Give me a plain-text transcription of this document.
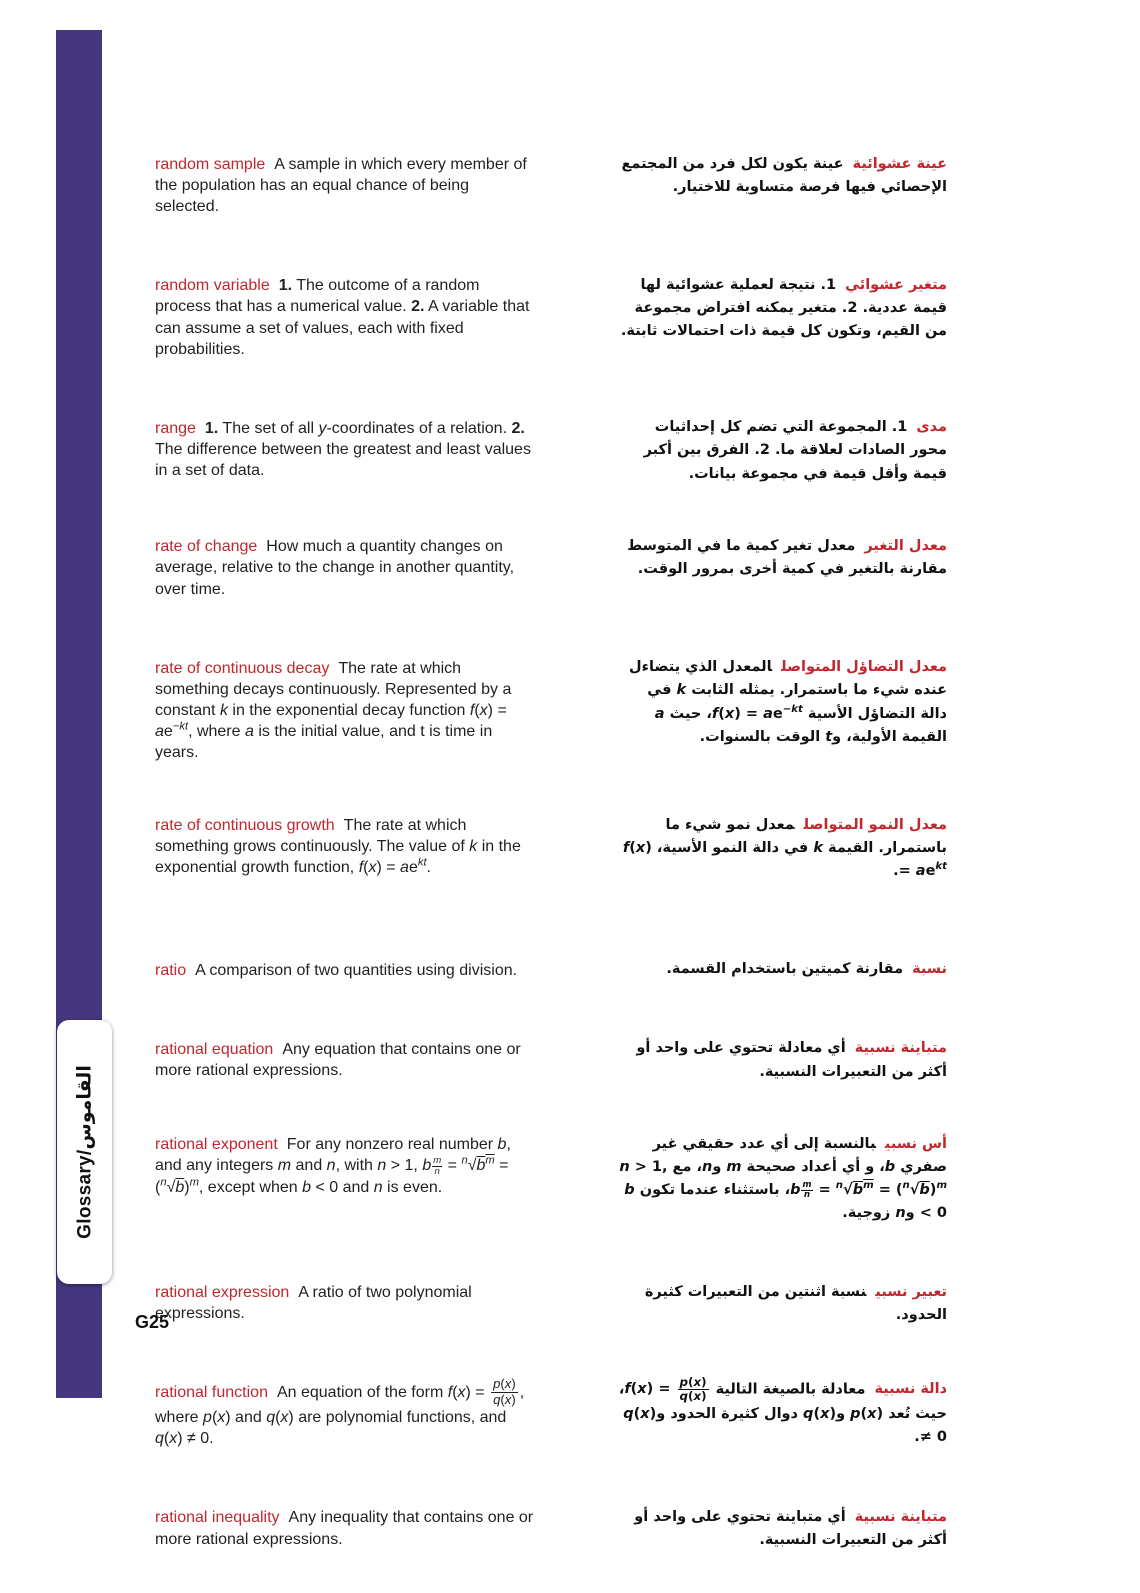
Glossary/القاموس

random sample A sample in which every member of the population has an equal chance of being selected.

عينة عشوائيةعينة يكون لكل فرد من المجتمع الإحصائي فيها فرصة متساوية للاختيار.

random variable 1. The outcome of a random process that has a numerical value. 2. A variable that can assume a set of values, each with fixed probabilities.

متغير عشوائي1. نتيجة لعملية عشوائية لها قيمة عددية. 2. متغير يمكنه افتراض مجموعة من القيم، وتكون كل قيمة ذات احتمالات ثابتة.

range 1. The set of all y-coordinates of a relation. 2. The difference between the greatest and least values in a set of data.

مدى1. المجموعة التي تضم كل إحداثيات محور الصادات لعلاقة ما. 2. الفرق بين أكبر قيمة وأقل قيمة في مجموعة بيانات.

rate of change How much a quantity changes on average, relative to the change in another quantity, over time.

معدل التغيرمعدل تغير كمية ما في المتوسط مقارنة بالتغير في كمية أخرى بمرور الوقت.

rate of continuous decay The rate at which something decays continuously. Represented by a constant k in the exponential decay function $f(x) = ae^{-kt}$, where a is the initial value, and t is time in years.

معدل التضاؤل المتواصلالمعدل الذي يتضاءل عنده شيء ما باستمرار. يمثله الثابت k في دالة التضاؤل الأسية $f(x) = ae^{-kt}،$ حيث a القيمة الأولية، وt الوقت بالسنوات.

rate of continuous growth The rate at which something grows continuously. The value of k in the exponential growth function, $f(x) = ae^{kt}$.

معدل النمو المتواصلمعدل نمو شيء ما باستمرار. القيمة k في دالة النمو الأسية، $f(x) = ae^{kt}$.

ratio A comparison of two quantities using division.	نسبةمقارنة كميتين باستخدام القسمة.

rational equation Any equation that contains one or more rational expressions.

متباينة نسبيةأي معادلة تحتوي على واحد أو أكثر من التعبيرات النسبية.

rational exponent For any nonzero real number b, and any integers m and n, with n > 1, b $\frac{m}{n} = ^n√b^m = (^n√b)^m$, except when b < 0 and n is even.

أس نسبيبالنسبة إلى أي عدد حقيقي غير صفري b، و أي أعداد صحيحة m وn، مع n > 1, b $\frac{m}{n} = ^n√b^m$ = $(^n√b)^m،$ باستثناء عندما تكون b < 0 وn زوجية.

rational expression A ratio of two polynomial expressions.

تعبير نسبينسبة اثنتين من التعبيرات كثيرة الحدود.

rational function An equation of the form $f(x) = \frac{p(x)}{q(x)}$ , where p(x) and q(x) are polynomial functions, and q(x) ≠ 0.

دالة نسبيةمعادلة بالصيغة التالية $f(x) = \frac{p(x)}{q(x)}$
، حيث تُعد p(x) وq(x) دوال كثيرة الحدود وq(x) ≠ 0.

rational inequality Any inequality that contains one or more rational expressions.

متباينة نسبيةأي متباينة تحتوي على واحد أو أكثر من التعبيرات النسبية.

G25
